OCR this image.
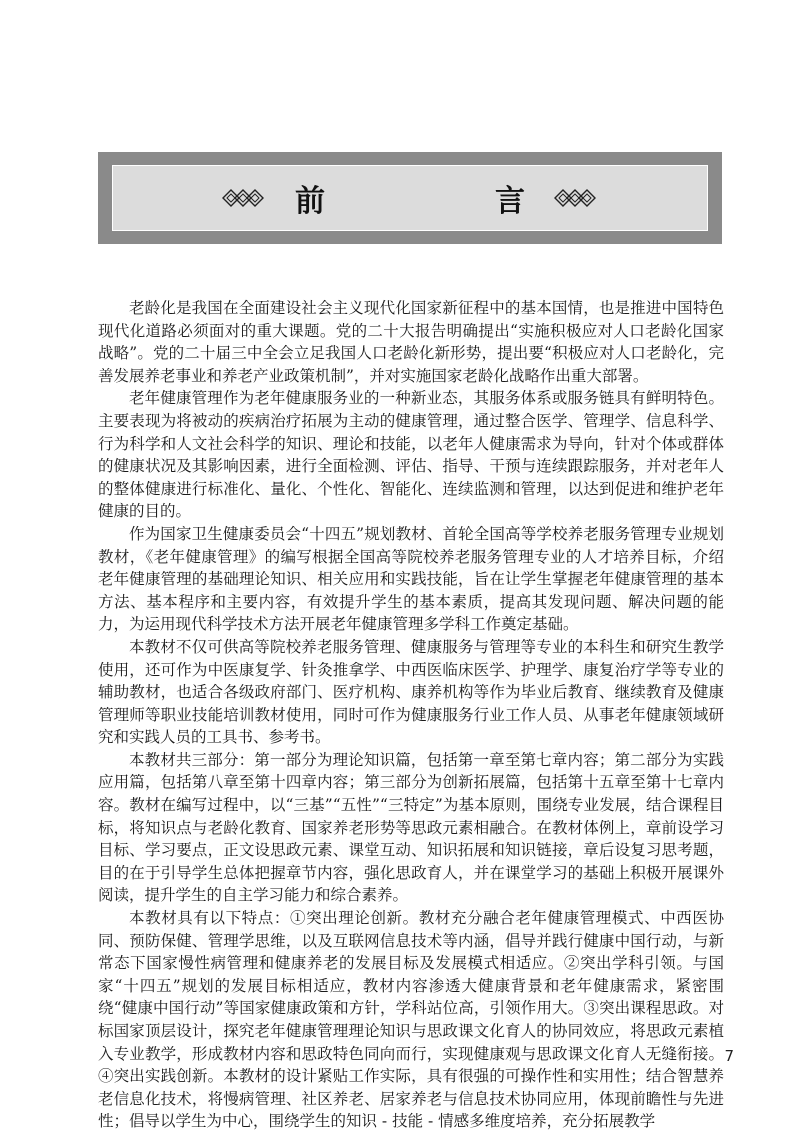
前　言

老龄化是我国在全面建设社会主义现代化国家新征程中的基本国情，也是推进中国特色现代化道路必须面对的重大课题。党的二十大报告明确提出“实施积极应对人口老龄化国家战略”。党的二十届三中全会立足我国人口老龄化新形势，提出要“积极应对人口老龄化，完善发展养老事业和养老产业政策机制”，并对实施国家老龄化战略作出重大部署。

老年健康管理作为老年健康服务业的一种新业态，其服务体系或服务链具有鲜明特色。主要表现为将被动的疾病治疗拓展为主动的健康管理，通过整合医学、管理学、信息科学、行为科学和人文社会科学的知识、理论和技能，以老年人健康需求为导向，针对个体或群体的健康状况及其影响因素，进行全面检测、评估、指导、干预与连续跟踪服务，并对老年人的整体健康进行标准化、量化、个性化、智能化、连续监测和管理，以达到促进和维护老年健康的目的。

作为国家卫生健康委员会“十四五”规划教材、首轮全国高等学校养老服务管理专业规划教材，《老年健康管理》的编写根据全国高等院校养老服务管理专业的人才培养目标，介绍老年健康管理的基础理论知识、相关应用和实践技能，旨在让学生掌握老年健康管理的基本方法、基本程序和主要内容，有效提升学生的基本素质，提高其发现问题、解决问题的能力，为运用现代科学技术方法开展老年健康管理多学科工作奠定基础。

本教材不仅可供高等院校养老服务管理、健康服务与管理等专业的本科生和研究生教学使用，还可作为中医康复学、针灸推拿学、中西医临床医学、护理学、康复治疗学等专业的辅助教材，也适合各级政府部门、医疗机构、康养机构等作为毕业后教育、继续教育及健康管理师等职业技能培训教材使用，同时可作为健康服务行业工作人员、从事老年健康领域研究和实践人员的工具书、参考书。

本教材共三部分：第一部分为理论知识篇，包括第一章至第七章内容；第二部分为实践应用篇，包括第八章至第十四章内容；第三部分为创新拓展篇，包括第十五章至第十七章内容。教材在编写过程中，以“三基”“五性”“三特定”为基本原则，围绕专业发展，结合课程目标，将知识点与老龄化教育、国家养老形势等思政元素相融合。在教材体例上，章前设学习目标、学习要点，正文设思政元素、课堂互动、知识拓展和知识链接，章后设复习思考题，目的在于引导学生总体把握章节内容，强化思政育人，并在课堂学习的基础上积极开展课外阅读，提升学生的自主学习能力和综合素养。

本教材具有以下特点：①突出理论创新。教材充分融合老年健康管理模式、中西医协同、预防保健、管理学思维，以及互联网信息技术等内涵，倡导并践行健康中国行动，与新常态下国家慢性病管理和健康养老的发展目标及发展模式相适应。②突出学科引领。与国家“十四五”规划的发展目标相适应，教材内容渗透大健康背景和老年健康需求，紧密围绕“健康中国行动”等国家健康政策和方针，学科站位高，引领作用大。③突出课程思政。对标国家顶层设计，探究老年健康管理理论知识与思政课文化育人的协同效应，将思政元素植入专业教学，形成教材内容和思政特色同向而行，实现健康观与思政课文化育人无缝衔接。④突出实践创新。本教材的设计紧贴工作实际，具有很强的可操作性和实用性；结合智慧养老信息化技术，将慢病管理、社区养老、居家养老与信息技术协同应用，体现前瞻性与先进性；倡导以学生为中心，围绕学生的知识 - 技能 - 情感多维度培养，充分拓展教学

7
